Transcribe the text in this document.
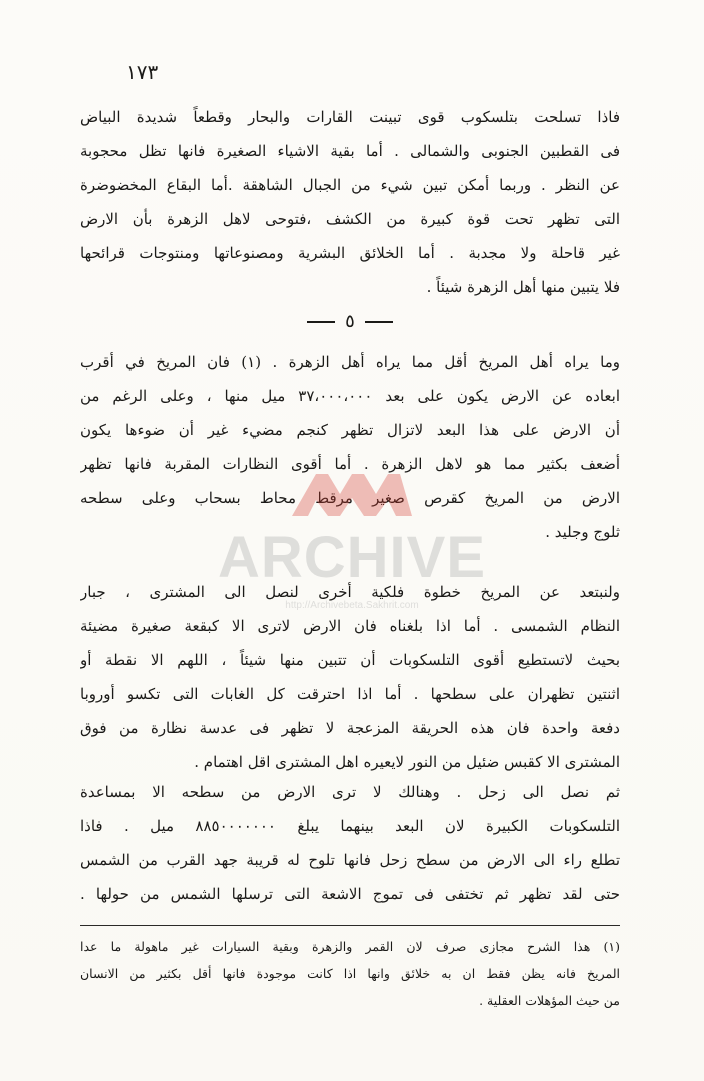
١٧٣
فاذا تسلحت بتلسكوب قوى تبينت القارات والبحار وقطعاً شديدة البياض
فى القطبين الجنوبى والشمالى . أما بقية الاشياء الصغيرة فانها تظل محجوبة
عن النظر . وربما أمكن تبين شيء من الجبال الشاهقة .أما البقاع المخضوضرة
التى تظهر تحت قوة كبيرة من الكشف ،فتوحى لاهل الزهرة بأن الارض
غير قاحلة ولا مجدبة . أما الخلائق البشرية ومصنوعاتها ومنتوجات قرائحها
فلا يتبين منها أهل الزهرة شيئاً .
٥
وما يراه أهل المريخ أقل مما يراه أهل الزهرة . (١) فان المريخ في أقرب
ابعاده عن الارض يكون على بعد ٣٧،٠٠٠،٠٠٠ ميل منها ، وعلى الرغم من
أن الارض على هذا البعد لاتزال تظهر كنجم مضيء غير أن ضوءها يكون
أضعف بكثير مما هو لاهل الزهرة . أما أقوى النظارات المقربة فانها تظهر
الارض من المريخ كقرص صغير مرقط محاط بسحاب وعلى سطحه
ثلوج وجليد .
ولنبتعد عن المريخ خطوة فلكية أخرى لنصل الى المشترى ، جبار
النظام الشمسى . أما اذا بلغناه فان الارض لاترى الا كبقعة صغيرة مضيئة
بحيث لاتستطيع أقوى التلسكوبات أن تتبين منها شيئاً ، اللهم الا نقطة أو
اثنتين تظهران على سطحها . أما اذا احترقت كل الغابات التى تكسو أوروبا
دفعة واحدة فان هذه الحريقة المزعجة لا تظهر فى عدسة نظارة من فوق
المشترى الا كقبس ضئيل من النور لايعيره اهل المشترى اقل اهتمام .
ثم نصل الى زحل . وهنالك لا ترى الارض من سطحه الا بمساعدة
التلسكوبات الكبيرة لان البعد بينهما يبلغ ٨٨٥٠٠٠٠٠٠٠ ميل . فاذا
تطلع راء الى الارض من سطح زحل فانها تلوح له قريبة جهد القرب من الشمس
حتى لقد تظهر ثم تختفى فى تموج الاشعة التى ترسلها الشمس من حولها .
(١) هذا الشرح مجازى صرف لان القمر والزهرة وبقية السيارات غير ماهولة ما عدا
المريخ فانه يظن فقط ان به خلائق وانها اذا كانت موجودة فانها أقل بكثير من الانسان
من حيث المؤهلات العقلية .
ARCHIVE
http://Archivebeta.Sakhrit.com
